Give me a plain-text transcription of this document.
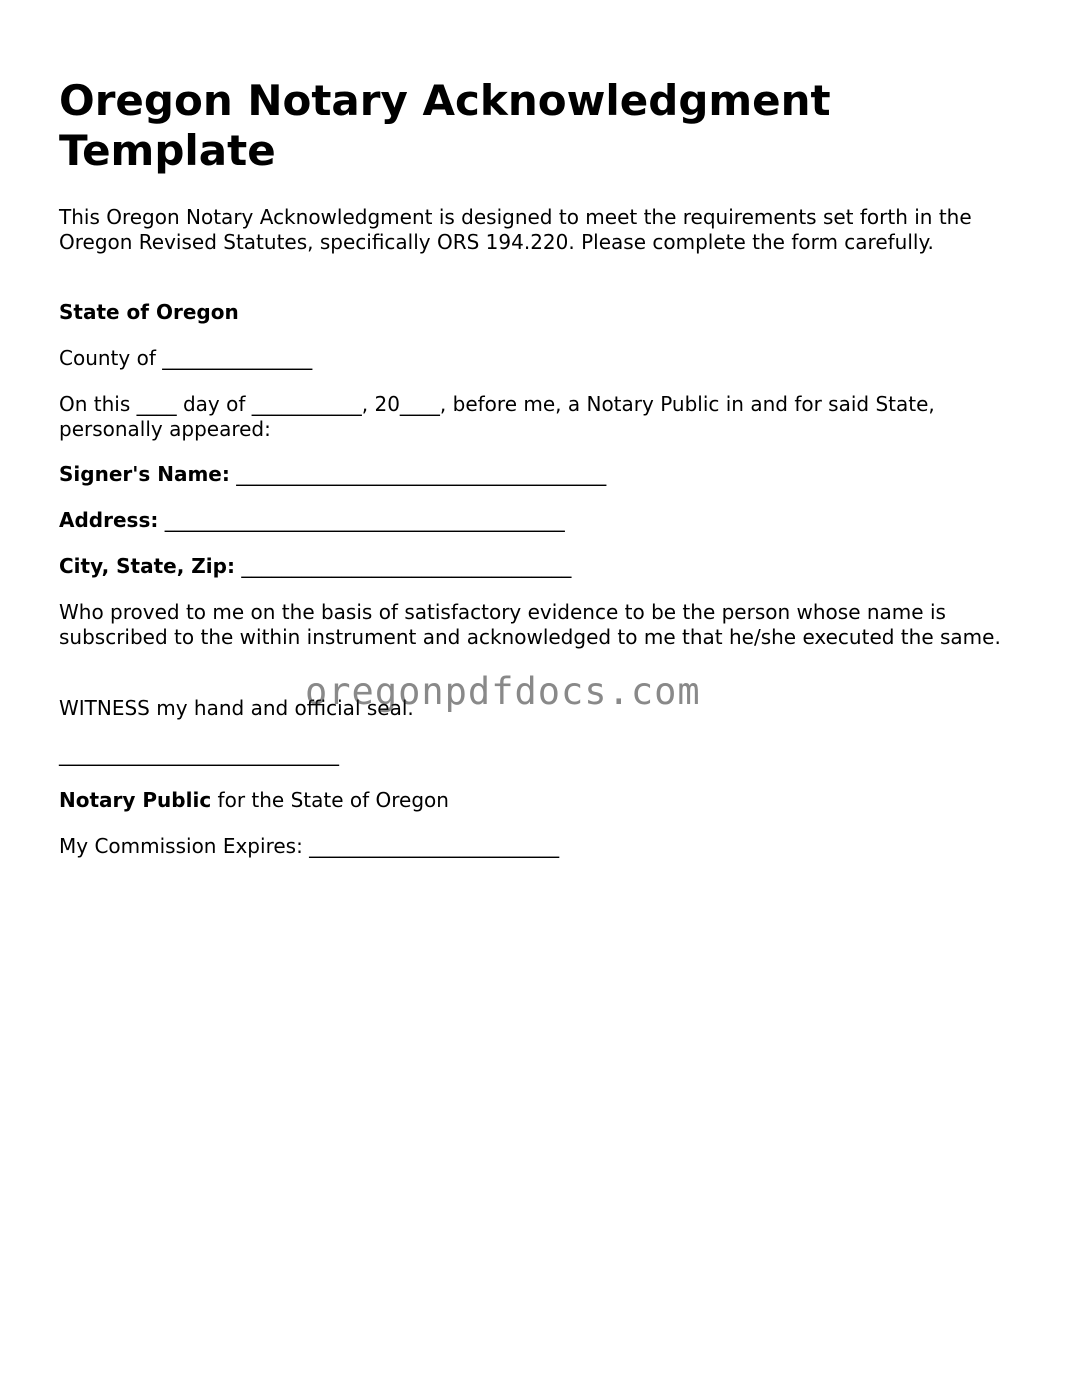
Oregon Notary Acknowledgment Template

This Oregon Notary Acknowledgment is designed to meet the requirements set forth in the Oregon Revised Statutes, specifically ORS 194.220. Please complete the form carefully.

State of Oregon

County of _______________

On this ____ day of ___________, 20____, before me, a Notary Public in and for said State, personally appeared:

Signer's Name: _____________________________________

Address: ________________________________________

City, State, Zip: _________________________________

Who proved to me on the basis of satisfactory evidence to be the person whose name is subscribed to the within instrument and acknowledged to me that he/she executed the same.

WITNESS my hand and official seal.

____________________________

Notary Public for the State of Oregon

My Commission Expires: _________________________

oregonpdfdocs.com
